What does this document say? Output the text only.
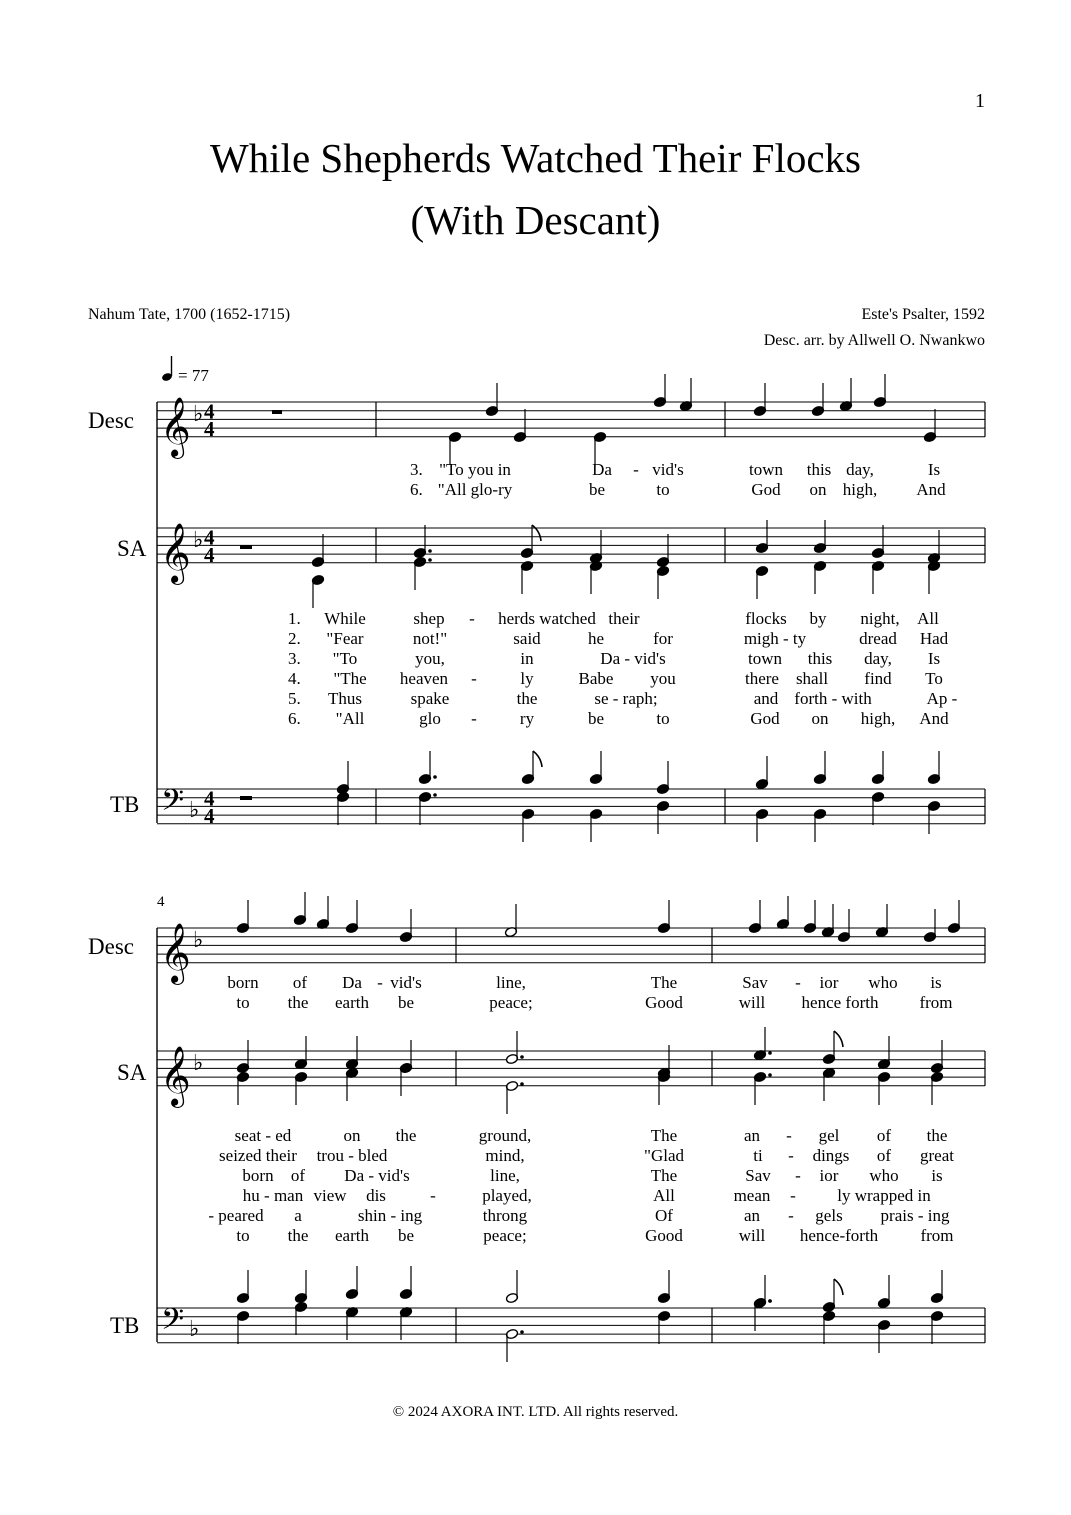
1
While Shepherds Watched Their Flocks
(With Descant)
Nahum Tate, 1700 (1652-1715)	Este's Psalter, 1592
Desc. arr. by Allwell O. Nwankwo
= 77
𝄞
𝄞
𝄢
♭
♭
♭
4
4
4
4
4
4
𝄞
𝄞
𝄢
♭
♭
♭
Desc
SA
TB
Desc
SA
TB
4
3. "To you in	Da - vid's	town this day,	Is
6. "All glo-ry	be	to	God on high, And
1. While	shep - herds watched their	flocks by night, All
2. "Fear	not!"	said	he	for	migh - ty	dread Had
3. "To	you,	in	Da - vid's	town this day, Is
4. "The heaven -	ly	Babe you	there shall find To
5. Thus	spake	the	se - raph;	and forth - with	Ap -
6. "All	glo -	ry	be	to	God on high, And
born of Da - vid's	line,	The	Sav - ior who is
to the earth be	peace;	Good	will hence forth from
seat - ed	on the	ground,	The	an - gel of the
seized their trou - bled	mind,	"Glad	ti - dings of great
born of Da - vid's	line,	The	Sav - ior who is
hu - man view dis	-	played,	All	mean - ly wrapped in
- peared a	shin - ing	throng	Of	an - gels prais - ing
to the earth be	peace;	Good	will hence-forth from
© 2024 AXORA INT. LTD. All rights reserved.
